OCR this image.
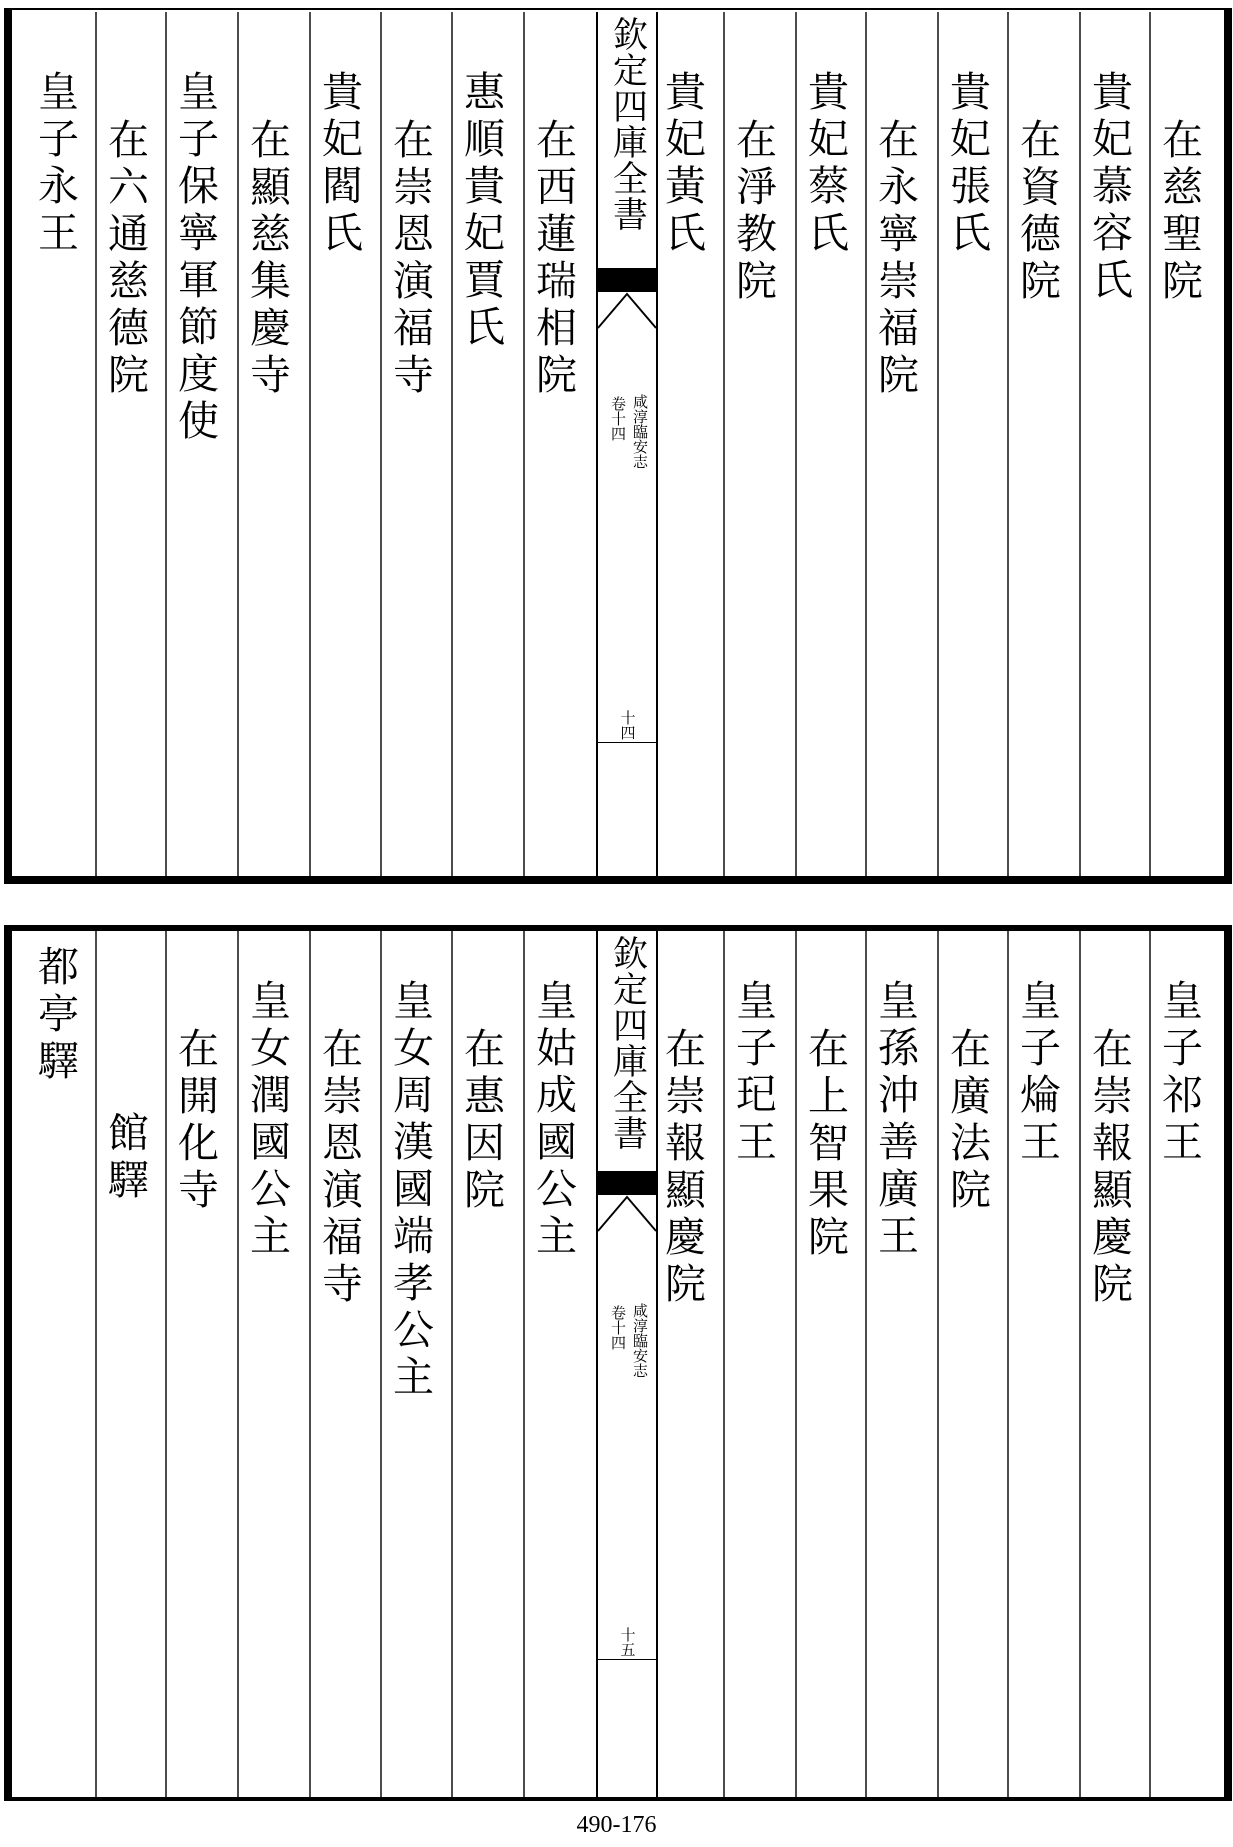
在慈聖院
貴妃慕容氏
在資德院
貴妃張氏
在永寧崇福院
貴妃蔡氏
在淨教院
貴妃黃氏
欽定四庫全書
咸淳臨安志
卷十四
十四
在西蓮瑞相院
惠順貴妃賈氏
在崇恩演福寺
貴妃閻氏
在顯慈集慶寺
皇子保寧軍節度使
在六通慈德院
皇子永王
皇子祁王
在崇報顯慶院
皇子㷍王
在廣法院
皇孫沖善廣王
在上智果院
皇子𤣱王
在崇報顯慶院
欽定四庫全書
咸淳臨安志
卷十四
十五
皇姑成國公主
在惠因院
皇女周漢國端孝公主
在崇恩演福寺
皇女潤國公主
在開化寺
館驛
都亭驛
490-176
